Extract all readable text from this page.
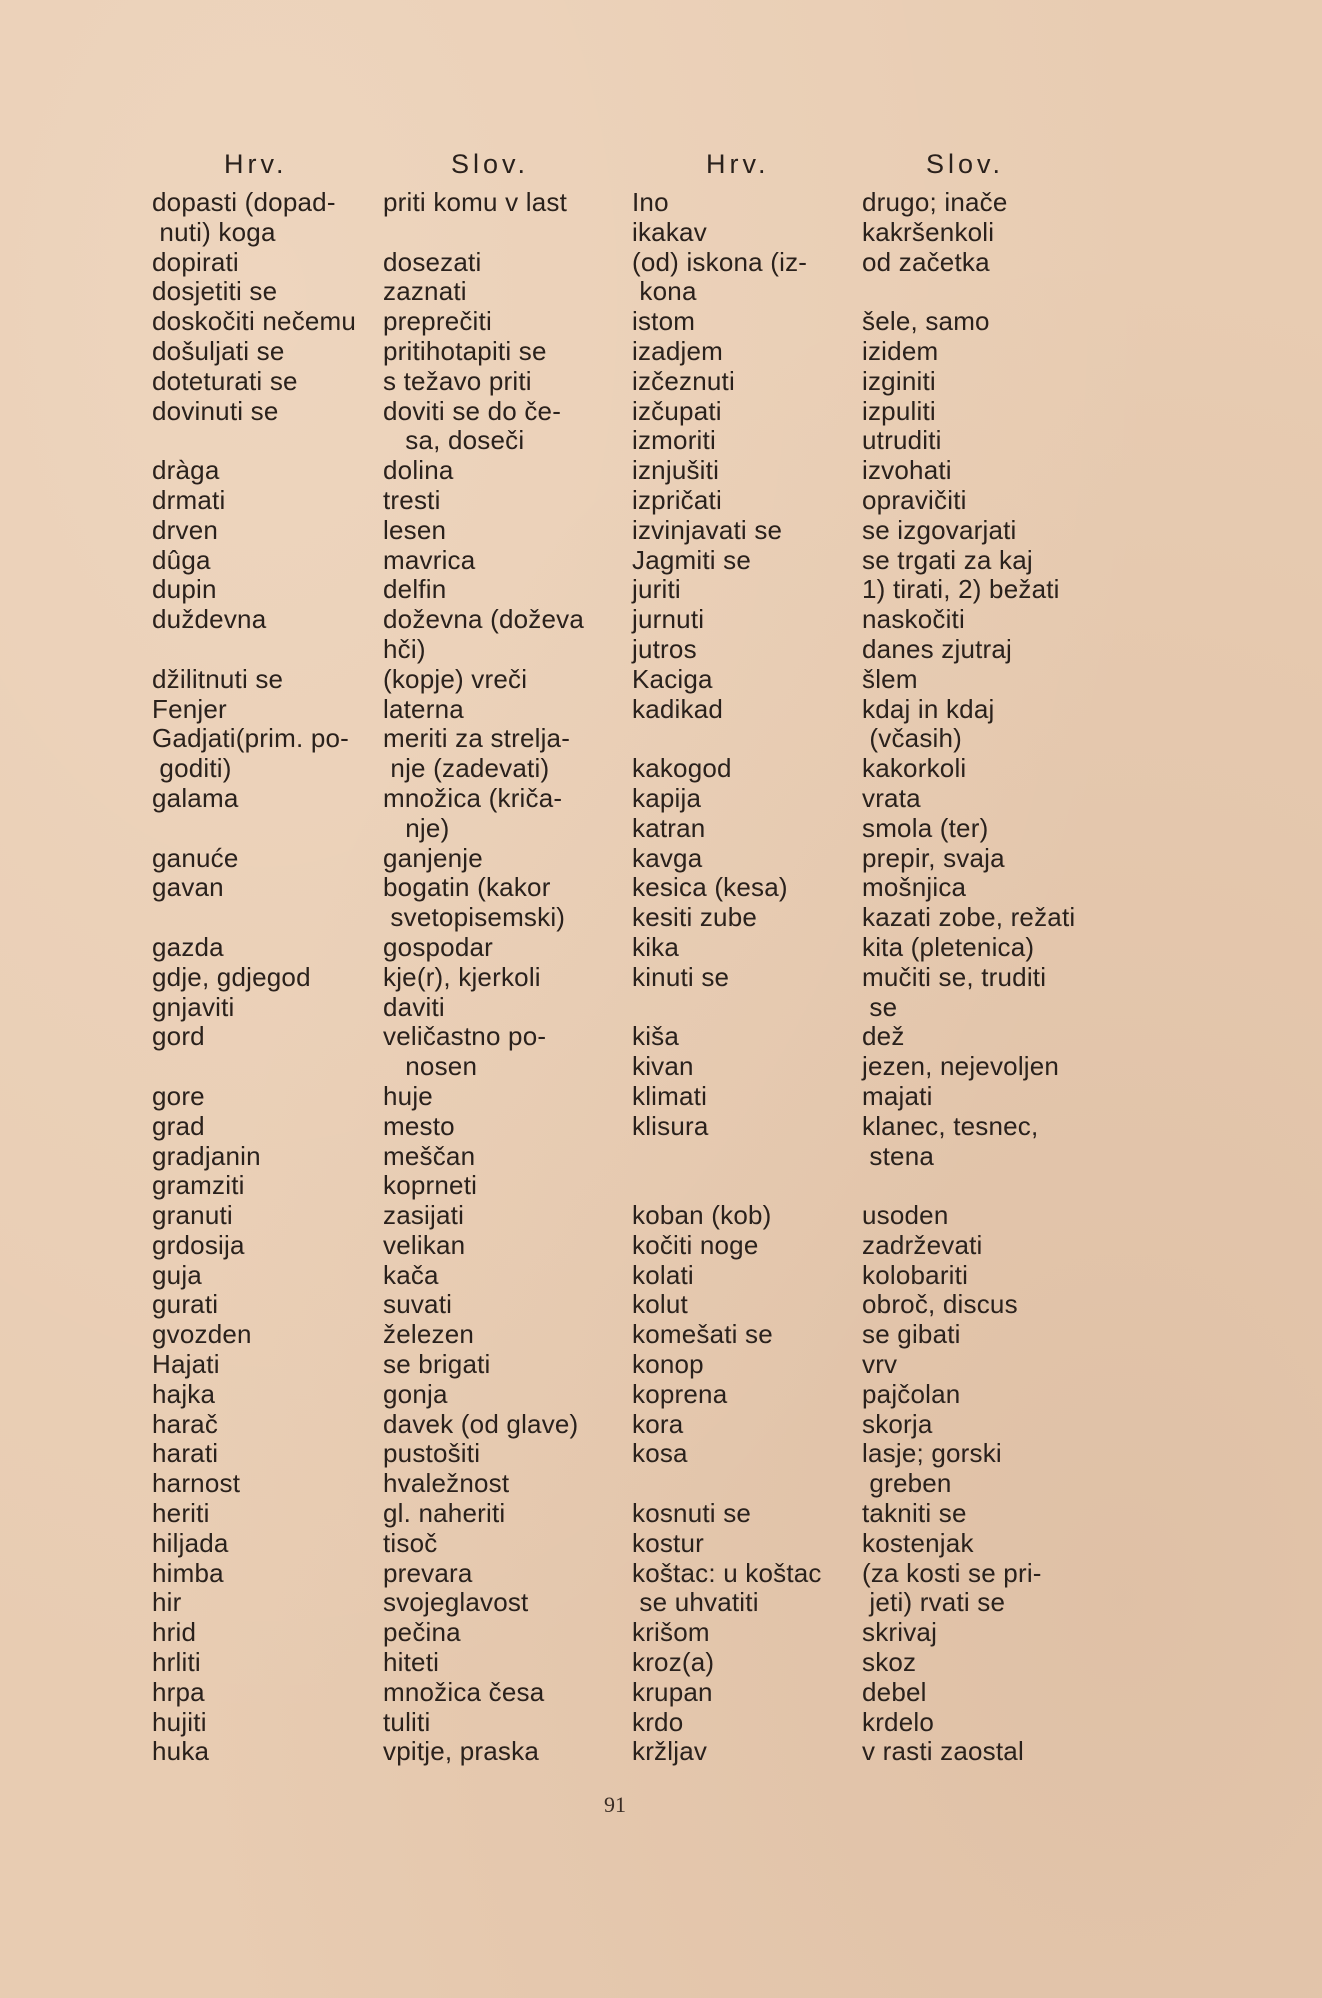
Hrv.
dopasti (dopad-
nuti) koga
dopirati
dosjetiti se
doskočiti nečemu
došuljati se
doteturati se
dovinuti se
dràga
drmati
drven
dûga
dupin
duždevna
džilitnuti se
Fenjer
Gadjati(prim. po-
goditi)
galama
ganuće
gavan
gazda
gdje, gdjegod
gnjaviti
gord
gore
grad
gradjanin
gramziti
granuti
grdosija
guja
gurati
gvozden
Hajati
hajka
harač
harati
harnost
heriti
hiljada
himba
hir
hrid
hrliti
hrpa
hujiti
huka
Slov.
priti komu v last
dosezati
zaznati
preprečiti
pritihotapiti se
s težavo priti
doviti se do če-
sa, doseči
dolina
tresti
lesen
mavrica
delfin
doževna (doževa
hči)
(kopje) vreči
laterna
meriti za strelja-
nje (zadevati)
množica (kriča-
nje)
ganjenje
bogatin (kakor
svetopisemski)
gospodar
kje(r), kjerkoli
daviti
veličastno po-
nosen
huje
mesto
meščan
koprneti
zasijati
velikan
kača
suvati
železen
se brigati
gonja
davek (od glave)
pustošiti
hvaležnost
gl. naheriti
tisoč
prevara
svojeglavost
pečina
hiteti
množica česa
tuliti
vpitje, praska
Hrv.
Ino
ikakav
(od) iskona (iz-
kona
istom
izadjem
izčeznuti
izčupati
izmoriti
iznjušiti
izpričati
izvinjavati se
Jagmiti se
juriti
jurnuti
jutros
Kaciga
kadikad
kakogod
kapija
katran
kavga
kesica (kesa)
kesiti zube
kika
kinuti se
kiša
kivan
klimati
klisura
koban (kob)
kočiti noge
kolati
kolut
komešati se
konop
koprena
kora
kosa
kosnuti se
kostur
koštac: u koštac
se uhvatiti
krišom
kroz(a)
krupan
krdo
kržljav
Slov.
drugo; inače
kakršenkoli
od začetka
šele, samo
izidem
izginiti
izpuliti
utruditi
izvohati
opravičiti
se izgovarjati
se trgati za kaj
1) tirati, 2) bežati
naskočiti
danes zjutraj
šlem
kdaj in kdaj
(včasih)
kakorkoli
vrata
smola (ter)
prepir, svaja
mošnjica
kazati zobe, režati
kita (pletenica)
mučiti se, truditi
se
dež
jezen, nejevoljen
majati
klanec, tesnec,
stena
usoden
zadrževati
kolobariti
obroč, discus
se gibati
vrv
pajčolan
skorja
lasje; gorski
greben
takniti se
kostenjak
(za kosti se pri-
jeti) rvati se
skrivaj
skoz
debel
krdelo
v rasti zaostal
91
